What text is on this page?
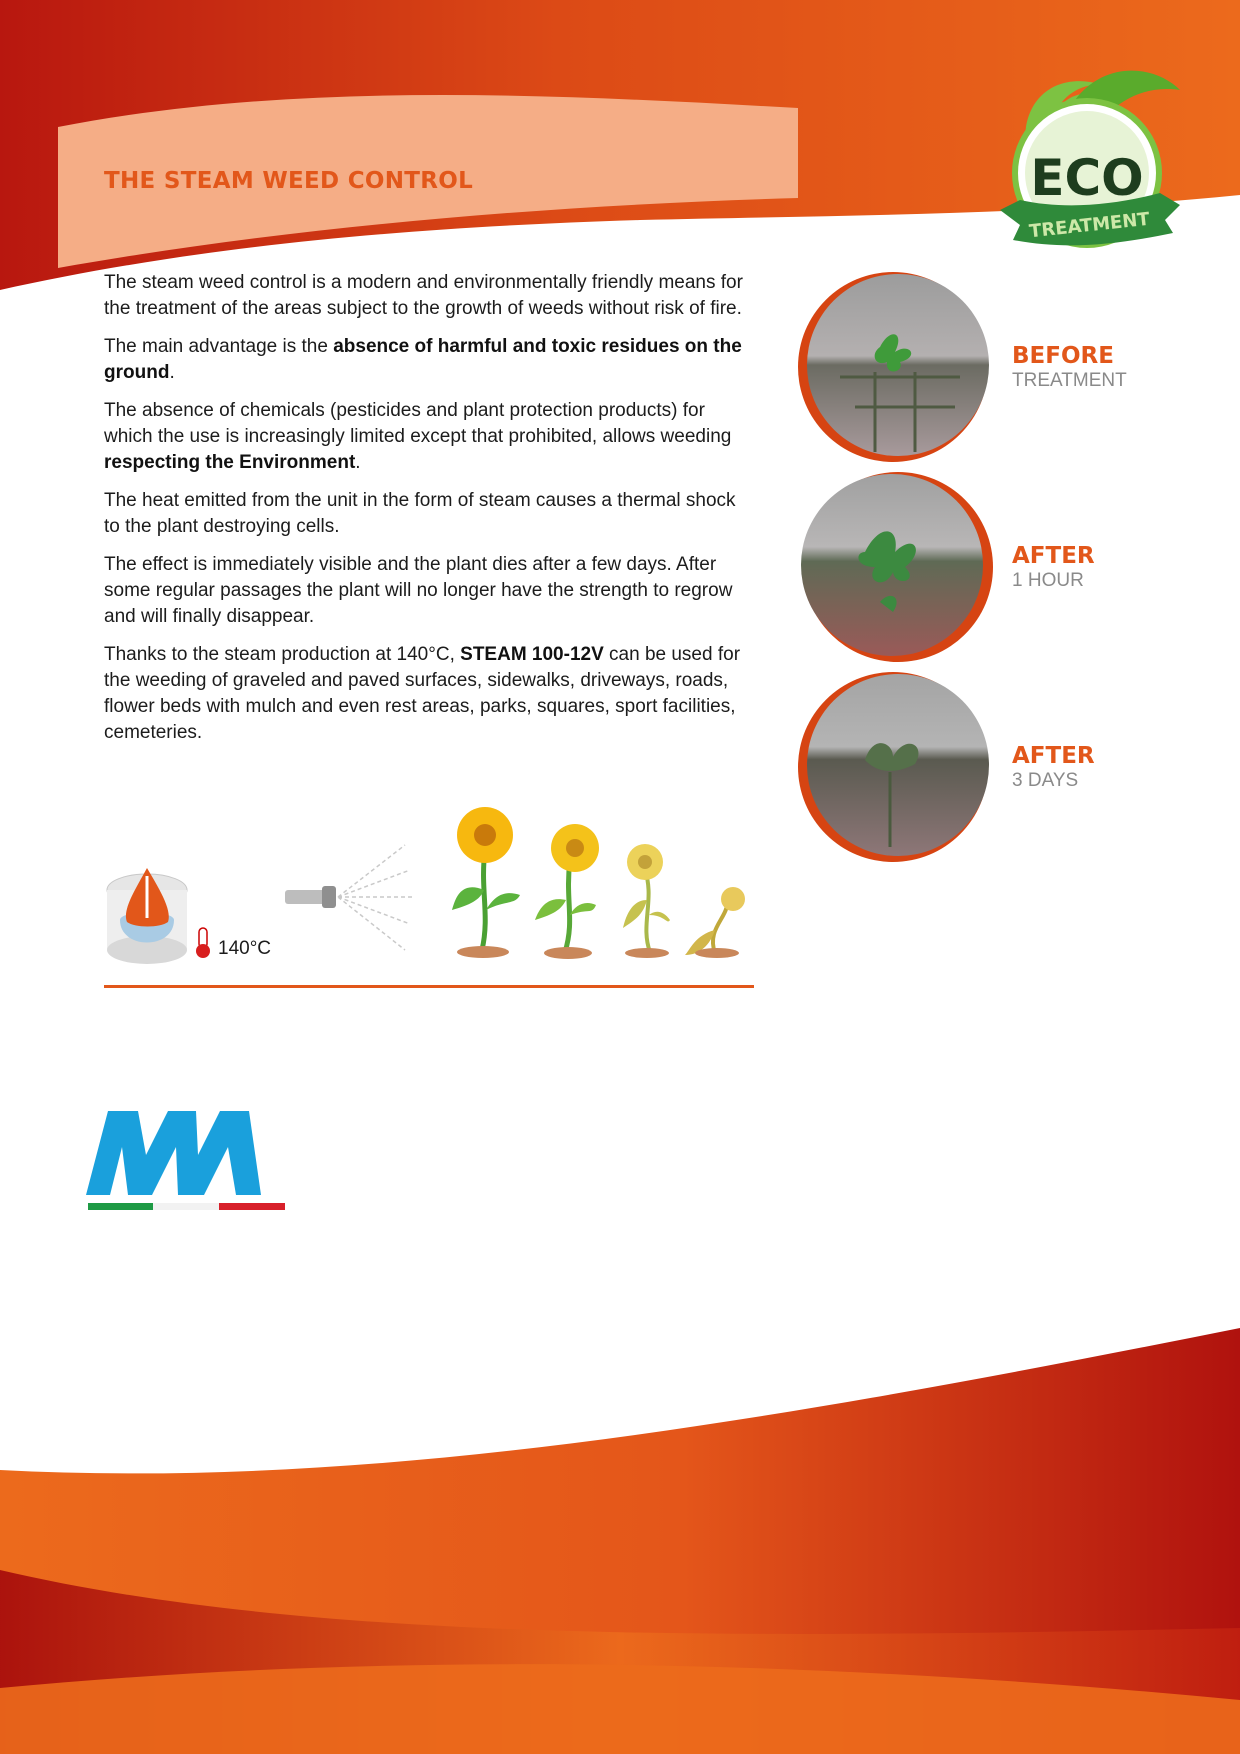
THE STEAM WEED CONTROL	ECO
TREATMENT

The steam weed control is a modern and environmentally friendly means for the treatment of the areas subject to the growth of weeds without risk of fire.

The main advantage is the absence of harmful and toxic residues on the ground.

The absence of chemicals (pesticides and plant protection products) for which the use is increasingly limited except that prohibited, allows weeding respecting the Environment.

The heat emitted from the unit in the form of steam causes a thermal shock to the plant destroying cells.

The effect is immediately visible and the plant dies after a few days. After some regular passages the plant will no longer have the strength to regrow and will finally disappear.

Thanks to the steam production at 140°C, STEAM 100-12V can be used for the weeding of graveled and paved surfaces, sidewalks, driveways, roads, flower beds with mulch and even rest areas, parks, squares, sport facilities, cemeteries.

BEFORE
TREATMENT
AFTER
1 HOUR
AFTER
3 DAYS
140°C
